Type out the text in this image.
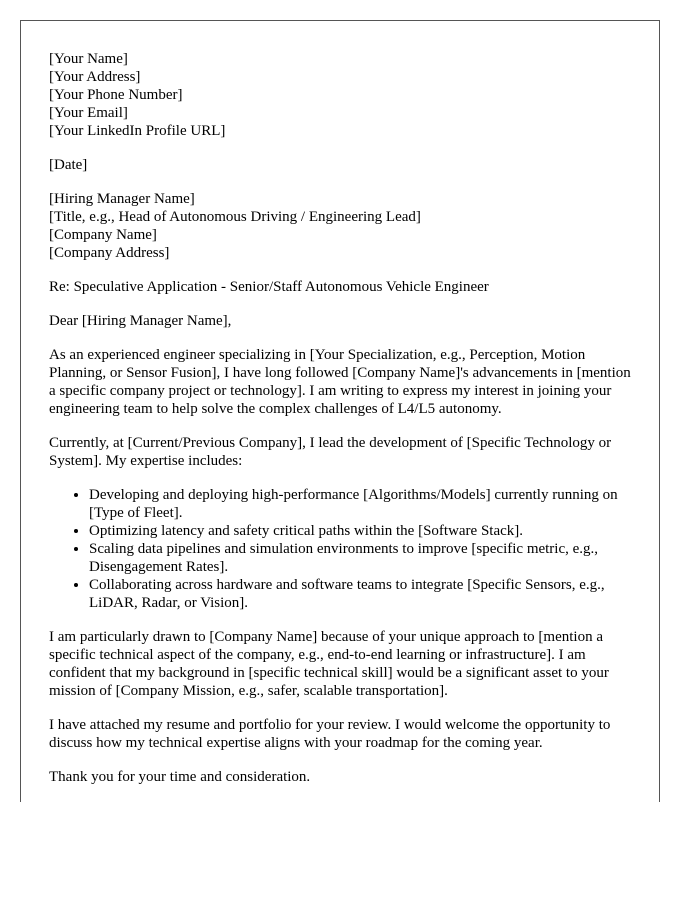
[Your Name]

[Your Address]

[Your Phone Number]

[Your Email]

[Your LinkedIn Profile URL]

[Date]

[Hiring Manager Name]

[Title, e.g., Head of Autonomous Driving / Engineering Lead]

[Company Name]

[Company Address]

Re: Speculative Application - Senior/Staff Autonomous Vehicle Engineer

Dear [Hiring Manager Name],

As an experienced engineer specializing in [Your Specialization, e.g., Perception, Motion Planning, or Sensor Fusion], I have long followed [Company Name]'s advancements in [mention a specific company project or technology]. I am writing to express my interest in joining your engineering team to help solve the complex challenges of L4/L5 autonomy.

Currently, at [Current/Previous Company], I lead the development of [Specific Technology or System]. My expertise includes:

• Developing and deploying high-performance [Algorithms/Models] currently running on [Type of Fleet].
• Optimizing latency and safety critical paths within the [Software Stack].
• Scaling data pipelines and simulation environments to improve [specific metric, e.g., Disengagement Rates].
• Collaborating across hardware and software teams to integrate [Specific Sensors, e.g., LiDAR, Radar, or Vision].

I am particularly drawn to [Company Name] because of your unique approach to [mention a specific technical aspect of the company, e.g., end-to-end learning or infrastructure]. I am confident that my background in [specific technical skill] would be a significant asset to your mission of [Company Mission, e.g., safer, scalable transportation].

I have attached my resume and portfolio for your review. I would welcome the opportunity to discuss how my technical expertise aligns with your roadmap for the coming year.

Thank you for your time and consideration.
